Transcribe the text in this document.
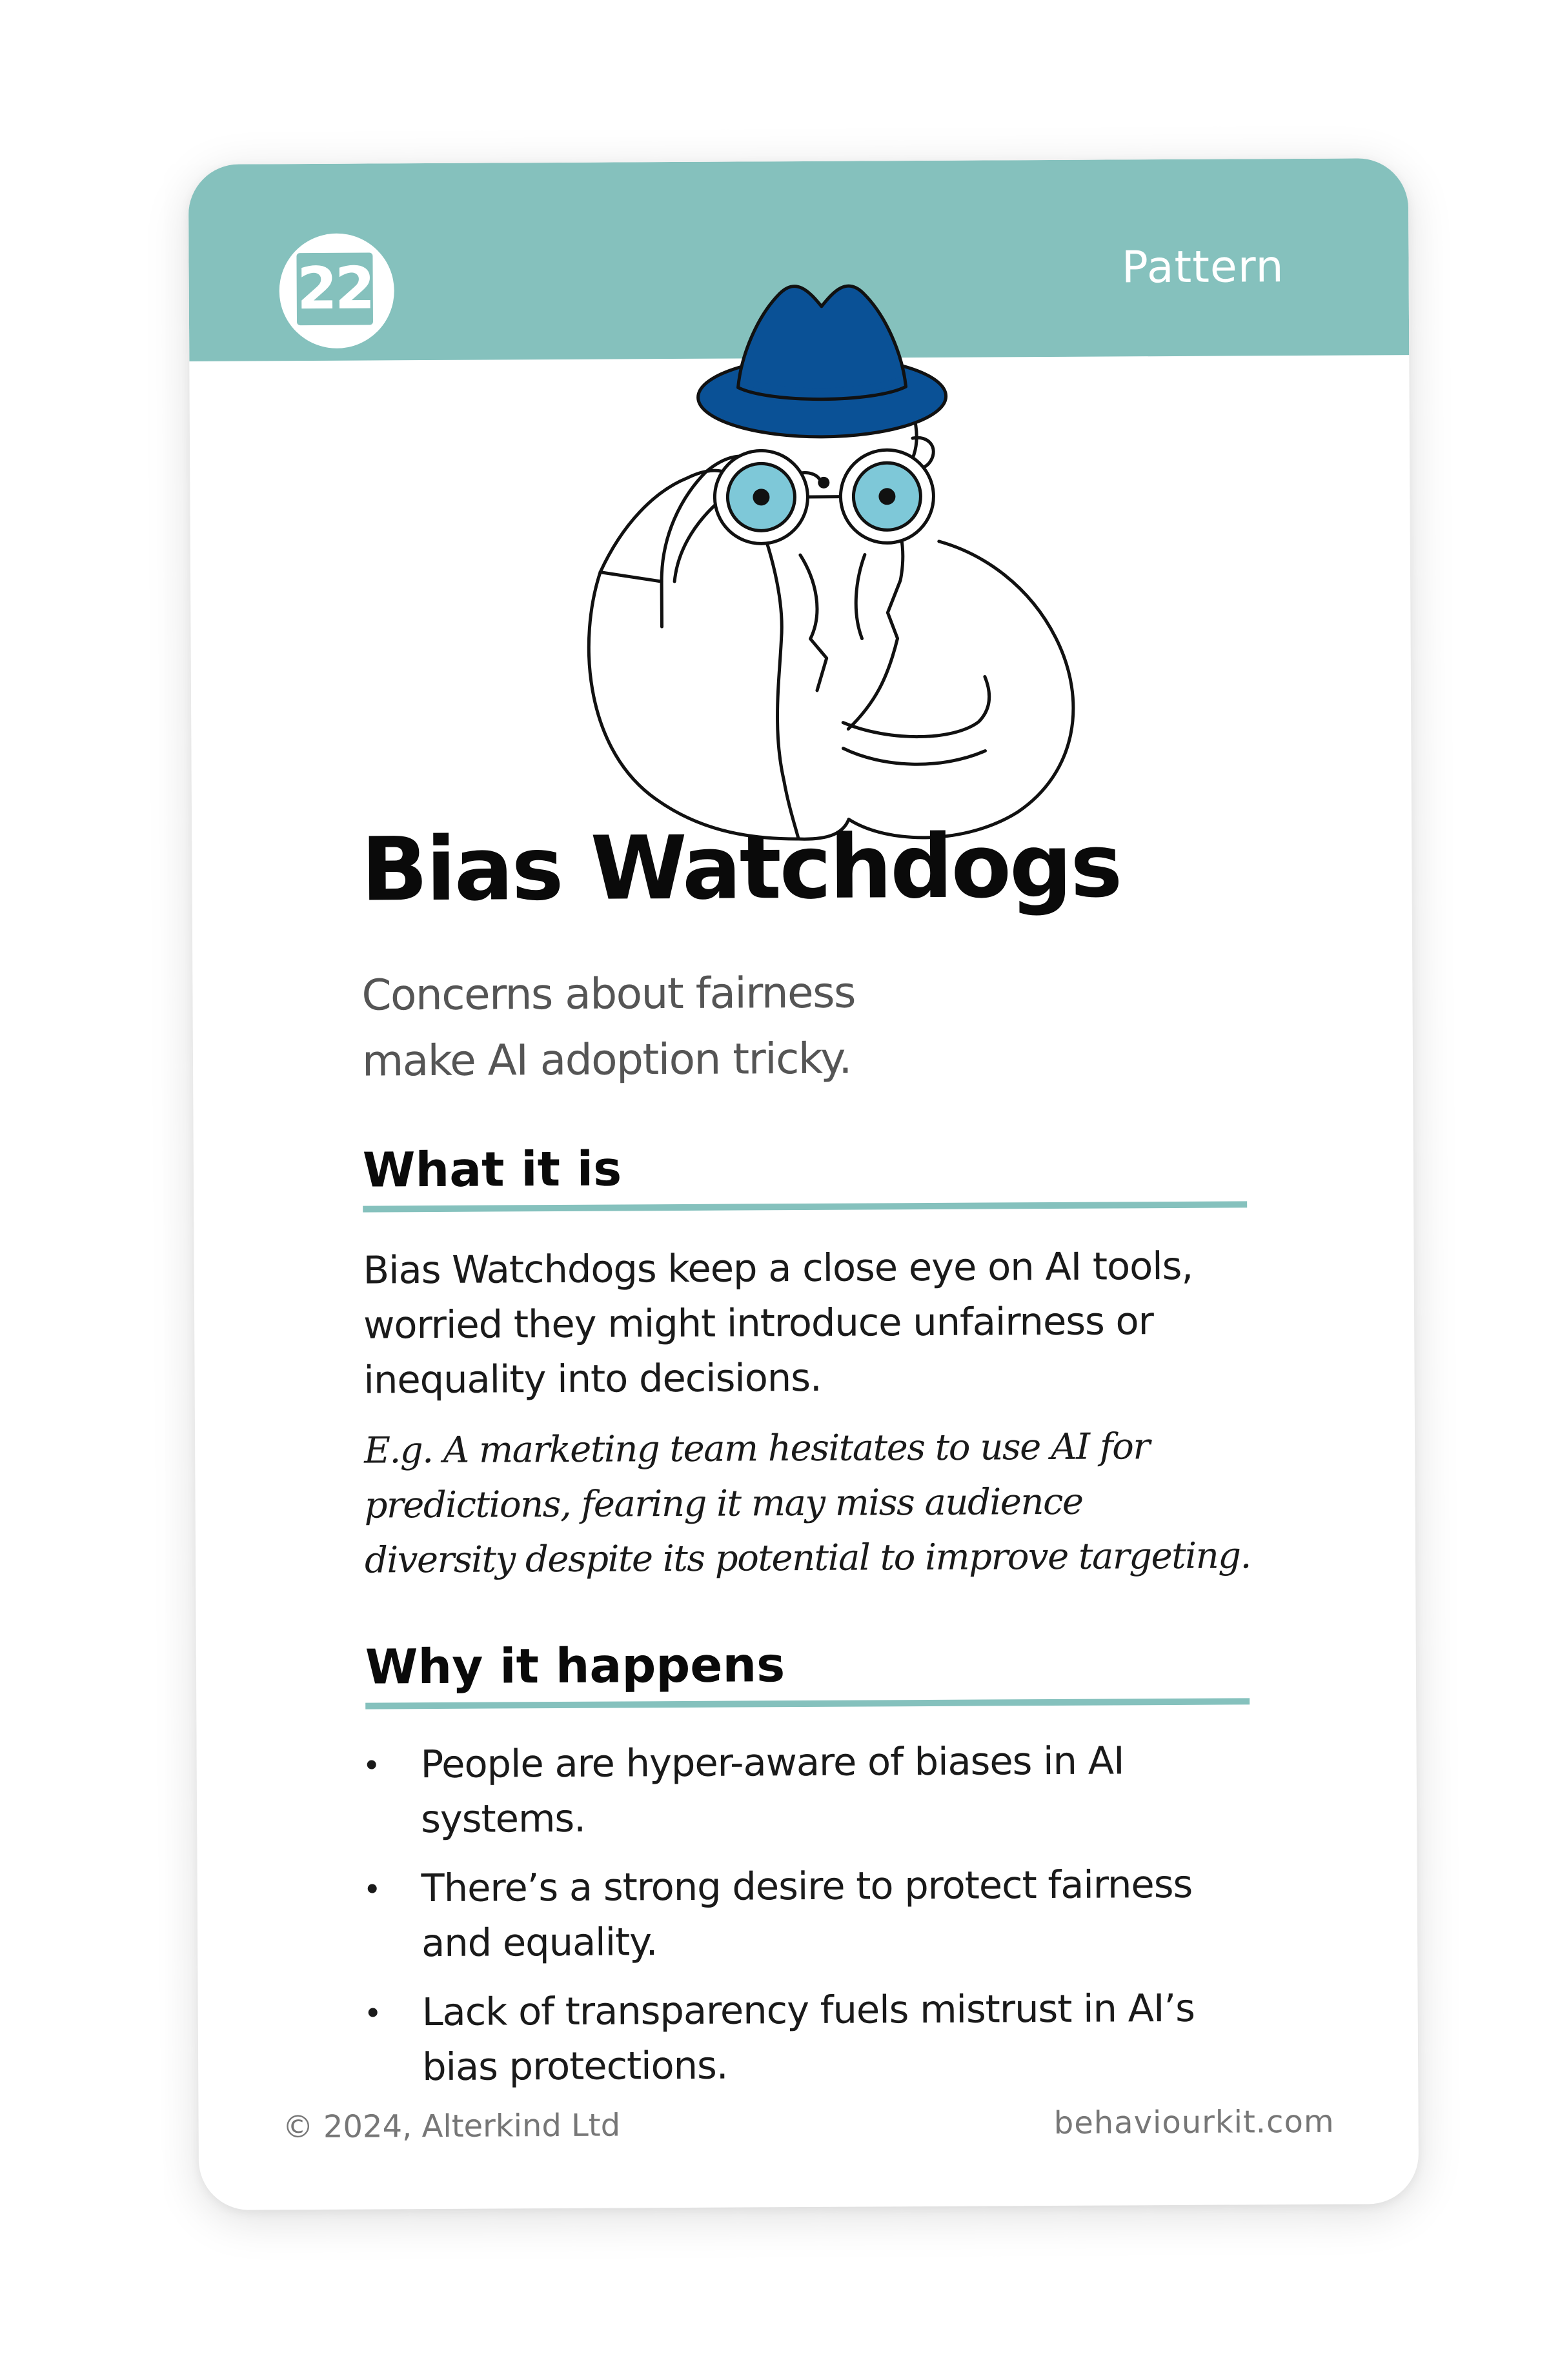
22	Pattern
Bias Watchdogs

Concerns about fairness
make AI adoption tricky.

What it is

Bias Watchdogs keep a close eye on AI tools,
worried they might introduce unfairness or
inequality into decisions.

E.g. A marketing team hesitates to use AI for
predictions, fearing it may miss audience
diversity despite its potential to improve targeting.

Why it happens
People are hyper-aware of biases in AI
systems.
There’s a strong desire to protect fairness
and equality.
Lack of transparency fuels mistrust in AI’s
bias protections.
© 2024, Alterkind Ltd	behaviourkit.com
